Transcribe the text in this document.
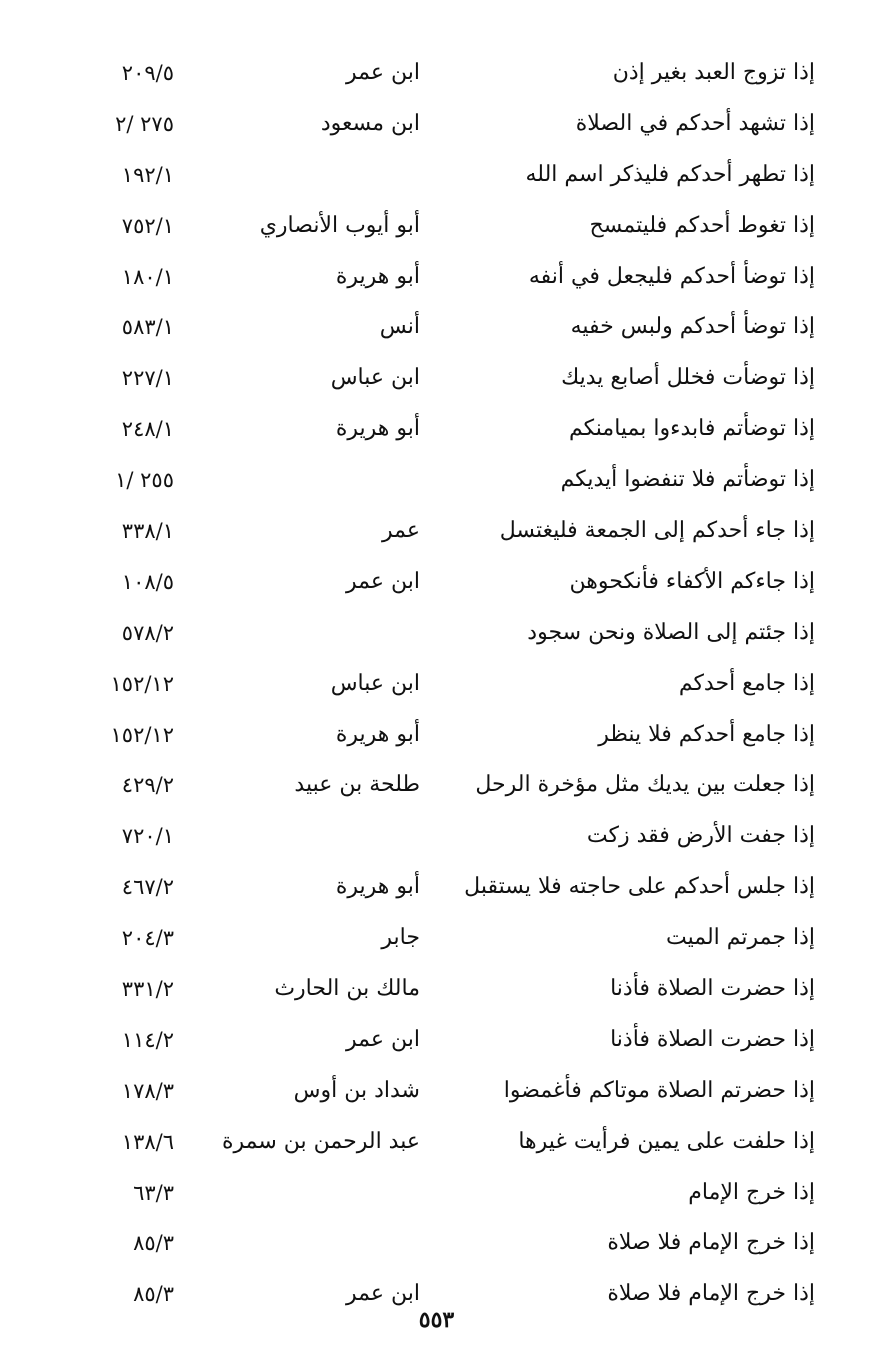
إذا تزوج العبد بغير إذن
ابن عمر
٢٠٩/٥
إذا تشهد أحدكم في الصلاة
ابن مسعود
٢٧٥ /٢
إذا تطهر أحدكم فليذكر اسم الله
١٩٢/١
إذا تغوط أحدكم فليتمسح
أبو أيوب الأنصاري
٧٥٢/١
إذا توضأ أحدكم فليجعل في أنفه
أبو هريرة
١٨٠/١
إذا توضأ أحدكم ولبس خفيه
أنس
٥٨٣/١
إذا توضأت فخلل أصابع يديك
ابن عباس
٢٢٧/١
إذا توضأتم فابدءوا بميامنكم
أبو هريرة
٢٤٨/١
إذا توضأتم فلا تنفضوا أيديكم
٢٥٥ /١
إذا جاء أحدكم إلى الجمعة فليغتسل
عمر
٣٣٨/١
إذا جاءكم الأكفاء فأنكحوهن
ابن عمر
١٠٨/٥
إذا جئتم إلى الصلاة ونحن سجود
٥٧٨/٢
إذا جامع أحدكم
ابن عباس
١٥٢/١٢
إذا جامع أحدكم فلا ينظر
أبو هريرة
١٥٢/١٢
إذا جعلت بين يديك مثل مؤخرة الرحل
طلحة بن عبيد
٤٢٩/٢
إذا جفت الأرض فقد زكت
٧٢٠/١
إذا جلس أحدكم على حاجته فلا يستقبل
أبو هريرة
٤٦٧/٢
إذا جمرتم الميت
جابر
٢٠٤/٣
إذا حضرت الصلاة فأذنا
مالك بن الحارث
٣٣١/٢
إذا حضرت الصلاة فأذنا
ابن عمر
١١٤/٢
إذا حضرتم الصلاة موتاكم فأغمضوا
شداد بن أوس
١٧٨/٣
إذا حلفت على يمين فرأيت غيرها
عبد الرحمن بن سمرة
١٣٨/٦
إذا خرج الإمام
٦٣/٣
إذا خرج الإمام فلا صلاة
٨٥/٣
إذا خرج الإمام فلا صلاة
ابن عمر
٨٥/٣
٥٥٣
